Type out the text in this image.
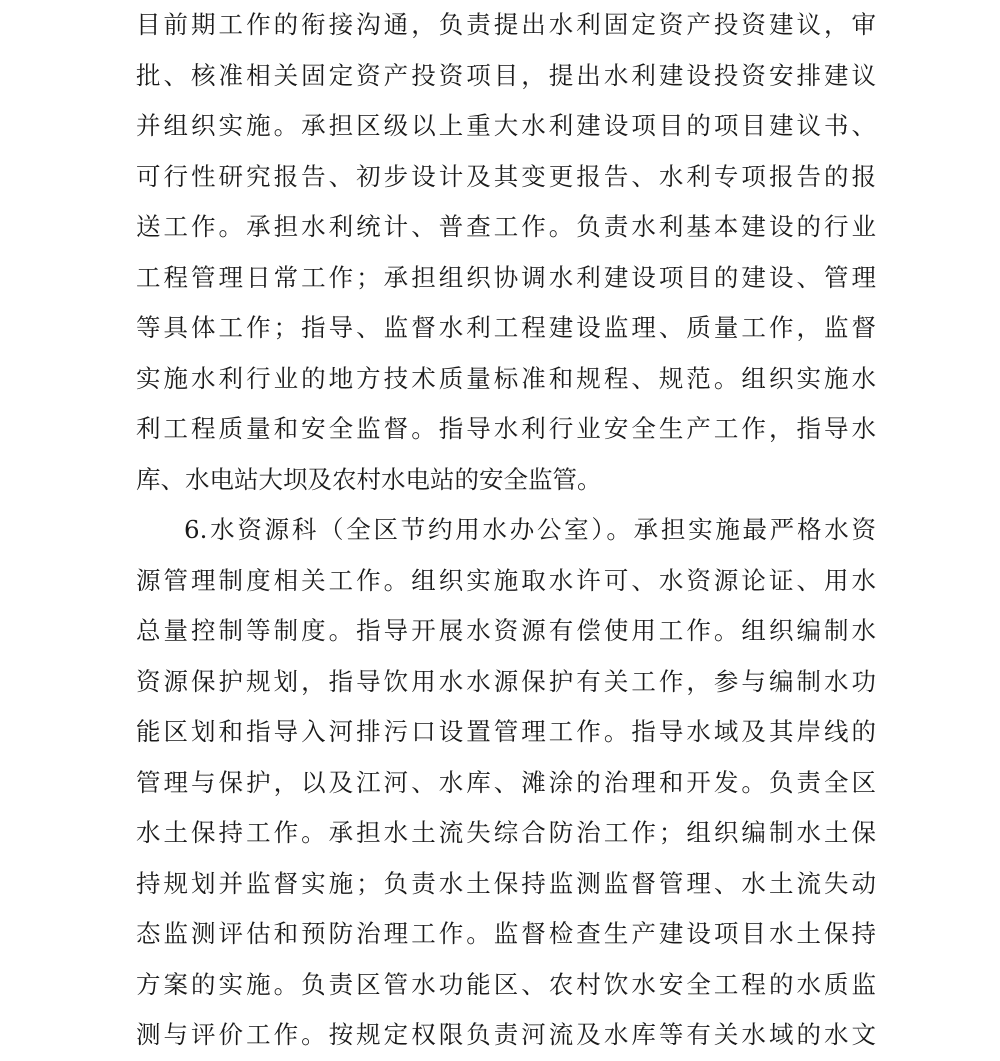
目前期工作的衔接沟通，负责提出水利固定资产投资建议，审
批、核准相关固定资产投资项目，提出水利建设投资安排建议
并组织实施。承担区级以上重大水利建设项目的项目建议书、
可行性研究报告、初步设计及其变更报告、水利专项报告的报
送工作。承担水利统计、普查工作。负责水利基本建设的行业
工程管理日常工作；承担组织协调水利建设项目的建设、管理
等具体工作；指导、监督水利工程建设监理、质量工作，监督
实施水利行业的地方技术质量标准和规程、规范。组织实施水
利工程质量和安全监督。指导水利行业安全生产工作，指导水
库、水电站大坝及农村水电站的安全监管。
6.水资源科（全区节约用水办公室）。承担实施最严格水资
源管理制度相关工作。组织实施取水许可、水资源论证、用水
总量控制等制度。指导开展水资源有偿使用工作。组织编制水
资源保护规划，指导饮用水水源保护有关工作，参与编制水功
能区划和指导入河排污口设置管理工作。指导水域及其岸线的
管理与保护，以及江河、水库、滩涂的治理和开发。负责全区
水土保持工作。承担水土流失综合防治工作；组织编制水土保
持规划并监督实施；负责水土保持监测监督管理、水土流失动
态监测评估和预防治理工作。监督检查生产建设项目水土保持
方案的实施。负责区管水功能区、农村饮水安全工程的水质监
测与评价工作。按规定权限负责河流及水库等有关水域的水文
